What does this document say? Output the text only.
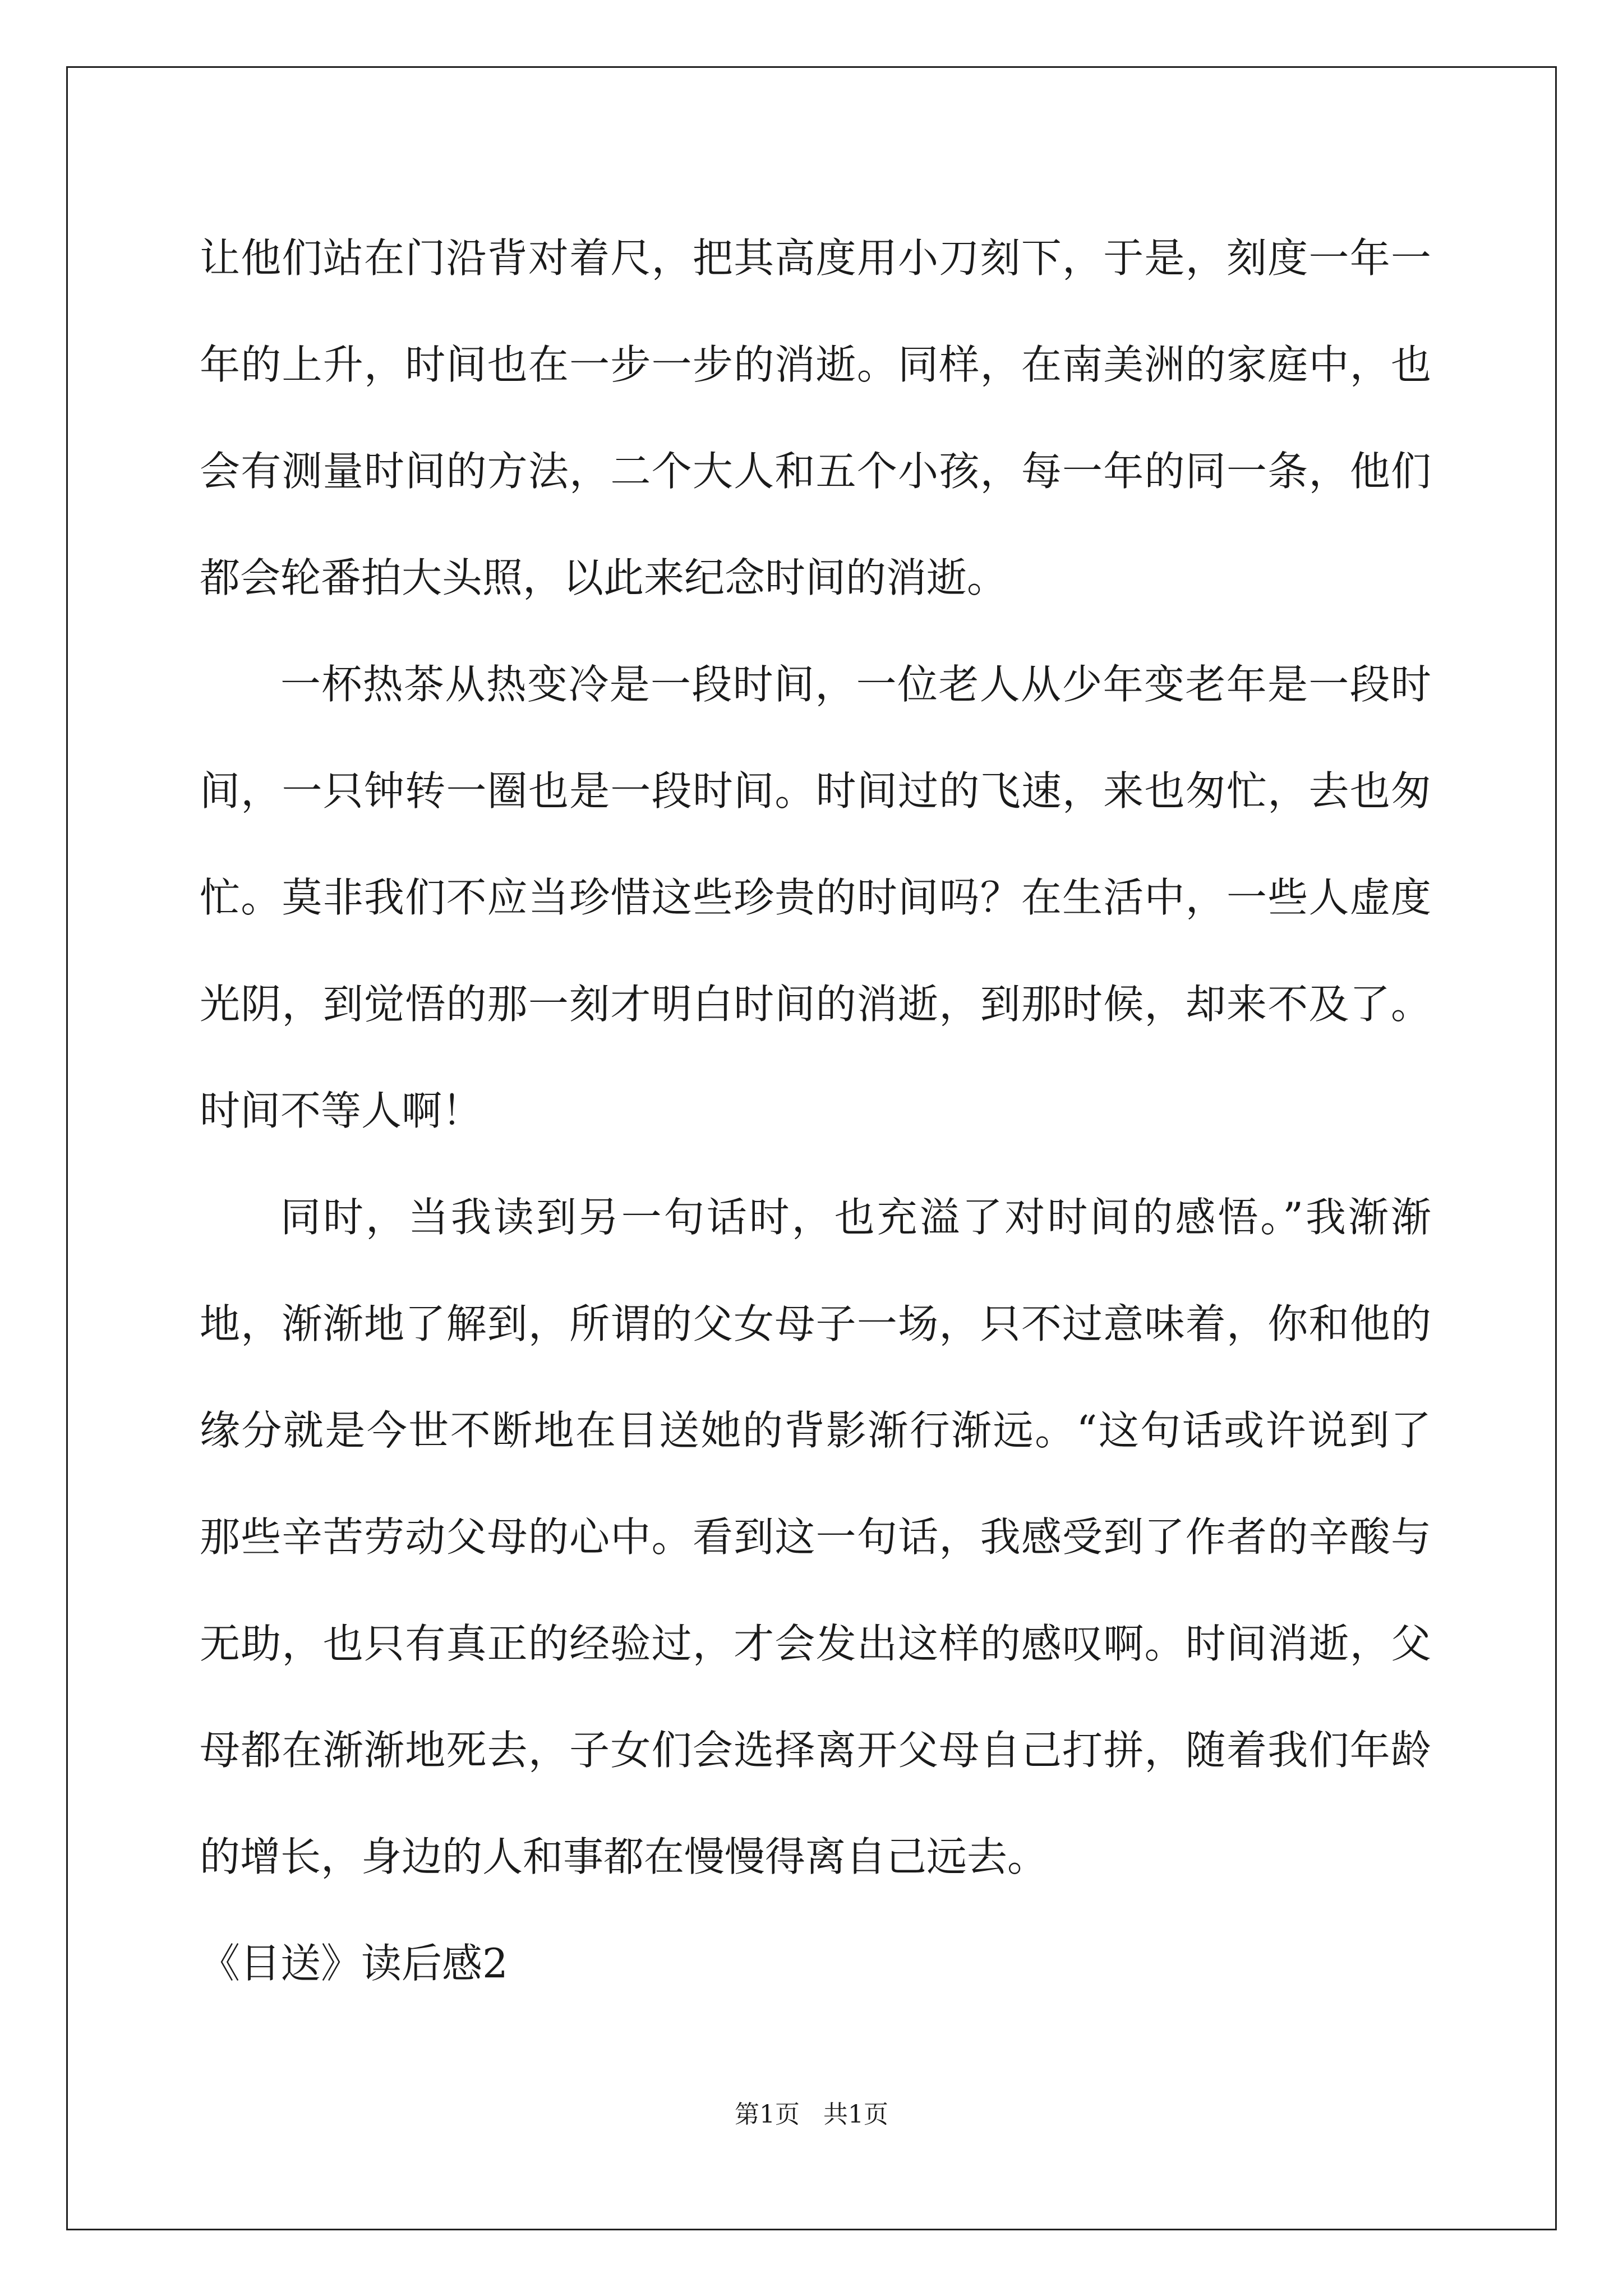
让他们站在门沿背对着尺，把其高度用小刀刻下，于是，刻度一年一年的上升，时间也在一步一步的消逝。同样，在南美洲的家庭中，也会有测量时间的方法，二个大人和五个小孩，每一年的同一条，他们都会轮番拍大头照，以此来纪念时间的消逝。

一杯热茶从热变冷是一段时间，一位老人从少年变老年是一段时间，一只钟转一圈也是一段时间。时间过的飞速，来也匆忙，去也匆忙。莫非我们不应当珍惜这些珍贵的时间吗？在生活中，一些人虚度光阴，到觉悟的那一刻才明白时间的消逝，到那时候，却来不及了。时间不等人啊！

同时，当我读到另一句话时，也充溢了对时间的感悟。”我渐渐地，渐渐地了解到，所谓的父女母子一场，只不过意味着，你和他的缘分就是今世不断地在目送她的背影渐行渐远。“这句话或许说到了那些辛苦劳动父母的心中。看到这一句话，我感受到了作者的辛酸与无助，也只有真正的经验过，才会发出这样的感叹啊。时间消逝，父母都在渐渐地死去，子女们会选择离开父母自己打拼，随着我们年龄的增长，身边的人和事都在慢慢得离自己远去。

《目送》读后感2

第1页   共1页
